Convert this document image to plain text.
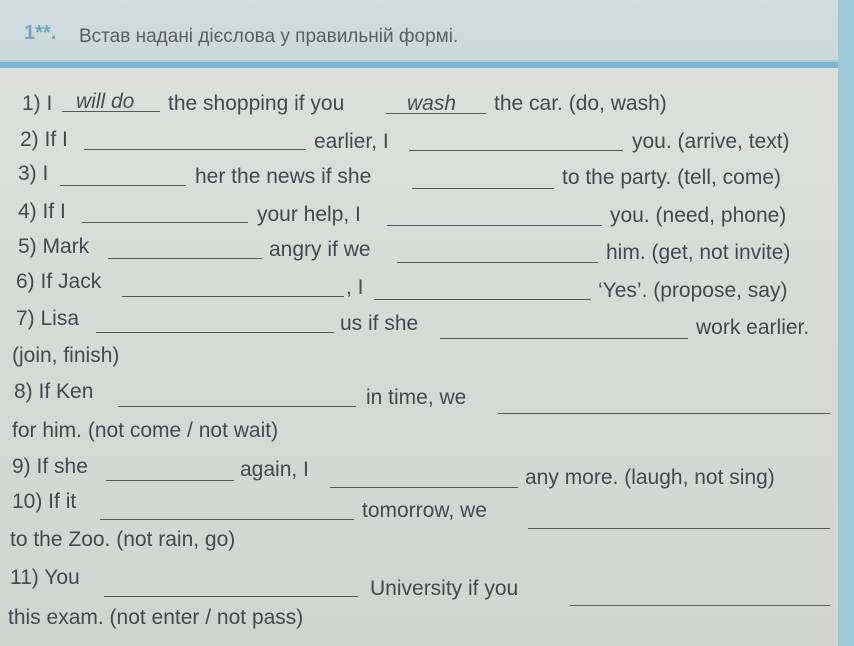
1**. Встав надані дієслова у правильній формі.
1) I will do the shopping if you	wash the car. (do, wash)
2) If I	earlier, I	you. (arrive, text)
3) I	her the news if she	to the party. (tell, come)
4) If I	your help, I	you. (need, phone)
5) Mark	angry if we	him. (get, not invite)
6) If Jack	, I	‘Yes’. (propose, say)
7) Lisa	us if she	work earlier.
(join, finish)
8) If Ken	in time, we
for him. (not come / not wait)
9) If she	again, I	any more. (laugh, not sing)
10) If it	tomorrow, we
to the Zoo. (not rain, go)
11) You	University if you
this exam. (not enter / not pass)
